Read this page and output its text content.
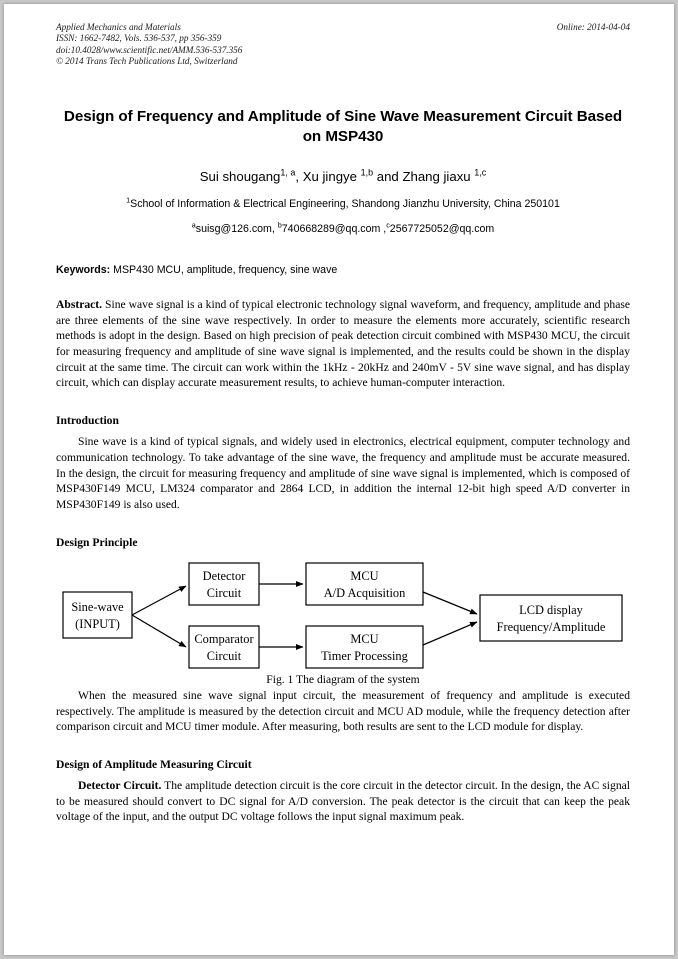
Applied Mechanics and Materials
ISSN: 1662-7482, Vols. 536-537, pp 356-359
doi:10.4028/www.scientific.net/AMM.536-537.356
© 2014 Trans Tech Publications Ltd, Switzerland
Online: 2014-04-04
Design of Frequency and Amplitude of Sine Wave Measurement Circuit Based on MSP430
Sui shougang$^{1, a}$, Xu jingye $^{1,b}$ and Zhang jiaxu $^{1,c}$
$^1$School of Information & Electrical Engineering, Shandong Jianzhu University, China 250101
$^a$suisg@126.com, $^b$740668289@qq.com ,$^c$2567725052@qq.com
Keywords: MSP430 MCU, amplitude, frequency, sine wave
Abstract. Sine wave signal is a kind of typical electronic technology signal waveform, and frequency, amplitude and phase are three elements of the sine wave respectively. In order to measure the elements more accurately, scientific research methods is adopt in the design. Based on high precision of peak detection circuit combined with MSP430 MCU, the circuit for measuring frequency and amplitude of sine wave signal is implemented, and the results could be shown in the display circuit at the same time. The circuit can work within the 1kHz - 20kHz and 240mV - 5V sine wave signal, and has display circuit, which can display accurate measurement results, to achieve human-computer interaction.
Introduction
Sine wave is a kind of typical signals, and widely used in electronics, electrical equipment, computer technology and communication technology. To take advantage of the sine wave, the frequency and amplitude must be accurate measured. In the design, the circuit for measuring frequency and amplitude of sine wave signal is implemented, which is composed of MSP430F149 MCU, LM324 comparator and 2864 LCD, in addition the internal 12-bit high speed A/D converter in MSP430F149 is also used.
Design Principle
Sine-wave
(INPUT)
Detector
Circuit
Comparator
Circuit
MCU
A/D Acquisition
MCU
Timer Processing
LCD display
Frequency/Amplitude
Fig. 1 The diagram of the system
When the measured sine wave signal input circuit, the measurement of frequency and amplitude is executed respectively. The amplitude is measured by the detection circuit and MCU AD module, while the frequency detection after comparison circuit and MCU timer module. After measuring, both results are sent to the LCD module for display.
Design of Amplitude Measuring Circuit
Detector Circuit. The amplitude detection circuit is the core circuit in the detector circuit. In the design, the AC signal to be measured should convert to DC signal for A/D conversion. The peak detector is the circuit that can keep the peak voltage of the input, and the output DC voltage follows the input signal maximum peak.
